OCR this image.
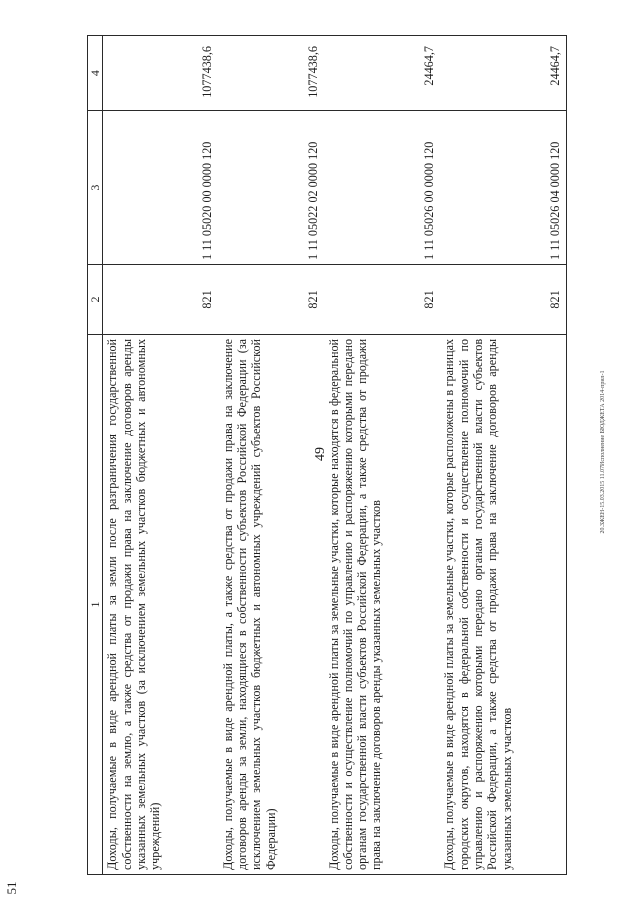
49
51
20.ЗЖЕН-15.03.2015 11.07Исполнение БЮДЖЕТА 2014-прил-1
1	2	3	4
Доходы, получаемые в виде арендной платы за земли после разграничения государственной собственности на землю, а также средства от продажи права на заключение договоров аренды указанных земельных участков (за исключением земельных участков бюджетных и автономных учреждений)	821	1 11 05020 00 0000 120	1077438,6
Доходы, получаемые в виде арендной платы, а также средства от продажи права на заключение договоров аренды за земли, находящиеся в собственности субъектов Российской Федерации (за исключением земельных участков бюджетных и автономных учреждений субъектов Российской Федерации)	821	1 11 05022 02 0000 120	1077438,6
Доходы, получаемые в виде арендной платы за земельные участки, которые находятся в федеральной собственности и осуществление полномочий по управлению и распоряжению которыми передано органам государственной власти субъектов Российской Федерации, а также средства от продажи права на заключение договоров аренды указанных земельных участков	821	1 11 05026 00 0000 120	24464,7
Доходы, получаемые в виде арендной платы за земельные участки, которые расположены в границах городских округов, находятся в федеральной собственности и осуществление полномочий по управлению и распоряжению которыми передано органам государственной власти субъектов Российской Федерации, а также средства от продажи права на заключение договоров аренды указанных земельных участков	821	1 11 05026 04 0000 120	24464,7
